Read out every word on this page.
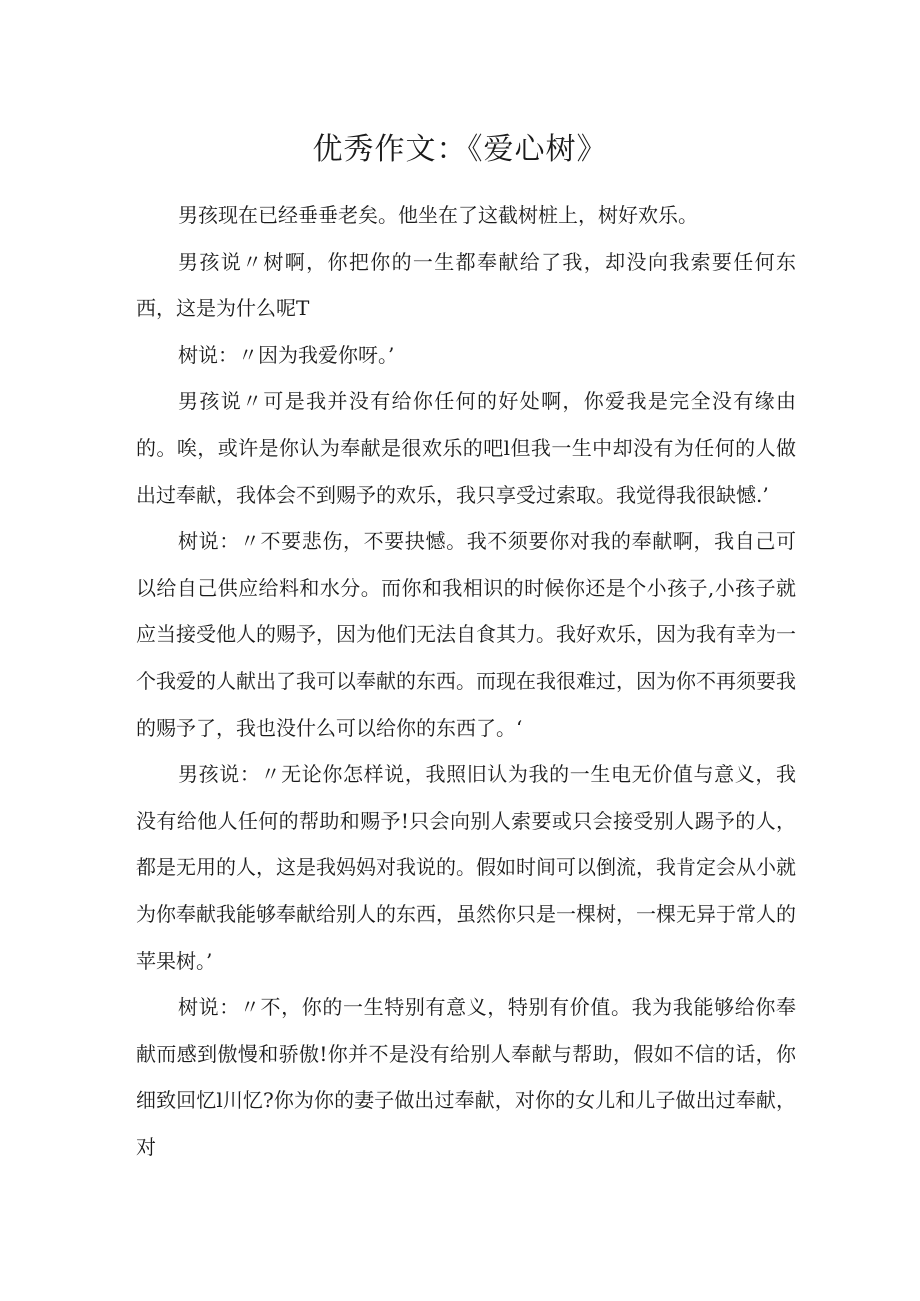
优秀作文：《爱心树》

男孩现在已经垂垂老矣。他坐在了这截树桩上，树好欢乐。

男孩说〃树啊，你把你的一生都奉献给了我，却没向我索要任何东西，这是为什么呢T

树说：〃因为我爱你呀。’

男孩说〃可是我并没有给你任何的好处啊，你爱我是完全没有缘由的。唉，或许是你认为奉献是很欢乐的吧l但我一生中却没有为任何的人做出过奉献，我体会不到赐予的欢乐，我只享受过索取。我觉得我很缺憾.’

树说：〃不要悲伤，不要抉憾。我不须要你对我的奉献啊，我自己可以给自己供应给料和水分。而你和我相识的时候你还是个小孩子,小孩子就应当接受他人的赐予，因为他们无法自食其力。我好欢乐，因为我有幸为一个我爱的人献出了我可以奉献的东西。而现在我很难过，因为你不再须要我的赐予了，我也没什么可以给你的东西了。‘

男孩说：〃无论你怎样说，我照旧认为我的一生电无价值与意义，我没有给他人任何的帮助和赐予!只会向别人索要或只会接受别人踢予的人，都是无用的人，这是我妈妈对我说的。假如时间可以倒流，我肯定会从小就为你奉献我能够奉献给别人的东西，虽然你只是一棵树，一棵无异于常人的苹果树。’

树说：〃不，你的一生特别有意义，特别有价值。我为我能够给你奉献而感到傲慢和骄傲!你并不是没有给别人奉献与帮助，假如不信的话，你细致回忆l川忆?你为你的妻子做出过奉献，对你的女儿和儿子做出过奉献，对
